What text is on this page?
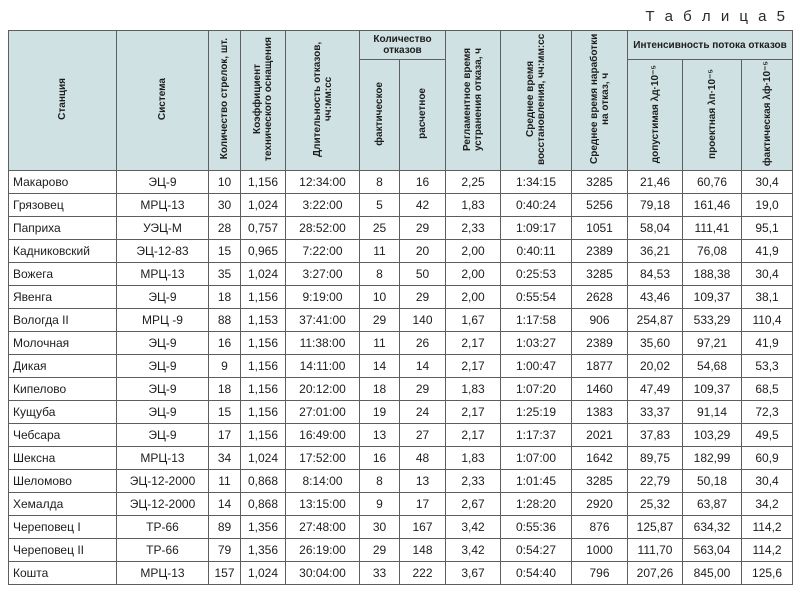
Т а б л и ц а 5
Станция	Система	Количество стрелок, шт.	Коэффициент технического оснащения	Длительность отказов, чч:мм:сс	Количество отказов		Регламентное время устранения отказа, ч	Среднее время восстановления, чч:мм:сс	Среднее время наработки на отказ, ч	Интенсивность потока отказов		
					фактическое	расчетное				допустимая λд·10⁻⁵	проектная λп·10⁻⁵	фактическая λф·10⁻⁵
Макарово	ЭЦ-9	10	1,156	12:34:00	8	16	2,25	1:34:15	3285	21,46	60,76	30,4
Грязовец	МРЦ-13	30	1,024	3:22:00	5	42	1,83	0:40:24	5256	79,18	161,46	19,0
Паприха	УЭЦ-М	28	0,757	28:52:00	25	29	2,33	1:09:17	1051	58,04	111,41	95,1
Кадниковский	ЭЦ-12-83	15	0,965	7:22:00	11	20	2,00	0:40:11	2389	36,21	76,08	41,9
Вожега	МРЦ-13	35	1,024	3:27:00	8	50	2,00	0:25:53	3285	84,53	188,38	30,4
Явенга	ЭЦ-9	18	1,156	9:19:00	10	29	2,00	0:55:54	2628	43,46	109,37	38,1
Вологда II	МРЦ -9	88	1,153	37:41:00	29	140	1,67	1:17:58	906	254,87	533,29	110,4
Молочная	ЭЦ-9	16	1,156	11:38:00	11	26	2,17	1:03:27	2389	35,60	97,21	41,9
Дикая	ЭЦ-9	9	1,156	14:11:00	14	14	2,17	1:00:47	1877	20,02	54,68	53,3
Кипелово	ЭЦ-9	18	1,156	20:12:00	18	29	1,83	1:07:20	1460	47,49	109,37	68,5
Кущуба	ЭЦ-9	15	1,156	27:01:00	19	24	2,17	1:25:19	1383	33,37	91,14	72,3
Чебсара	ЭЦ-9	17	1,156	16:49:00	13	27	2,17	1:17:37	2021	37,83	103,29	49,5
Шексна	МРЦ-13	34	1,024	17:52:00	16	48	1,83	1:07:00	1642	89,75	182,99	60,9
Шеломово	ЭЦ-12-2000	11	0,868	8:14:00	8	13	2,33	1:01:45	3285	22,79	50,18	30,4
Хемалда	ЭЦ-12-2000	14	0,868	13:15:00	9	17	2,67	1:28:20	2920	25,32	63,87	34,2
Череповец I	ТР-66	89	1,356	27:48:00	30	167	3,42	0:55:36	876	125,87	634,32	114,2
Череповец II	ТР-66	79	1,356	26:19:00	29	148	3,42	0:54:27	1000	111,70	563,04	114,2
Кошта	МРЦ-13	157	1,024	30:04:00	33	222	3,67	0:54:40	796	207,26	845,00	125,6
